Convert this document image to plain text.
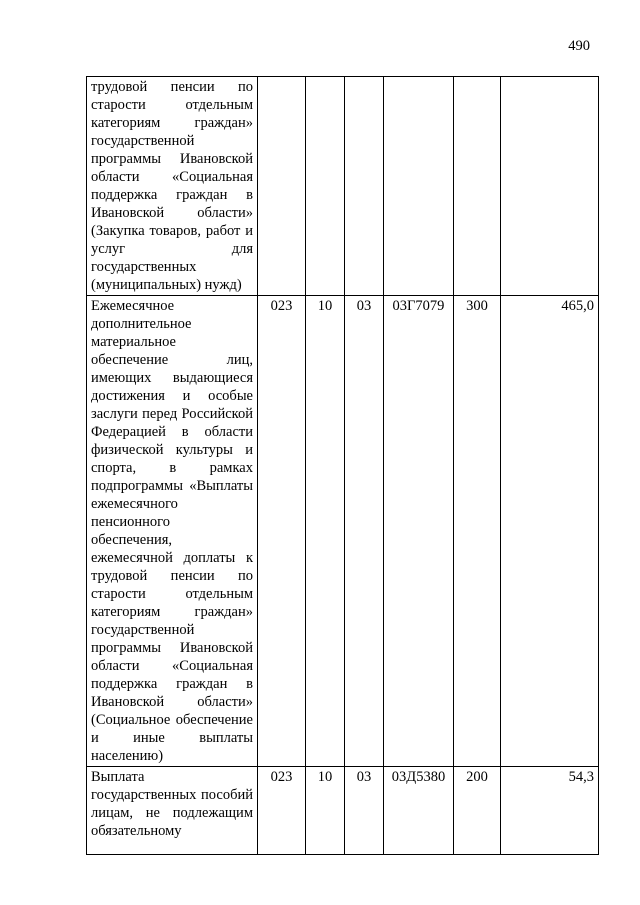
490
трудовой пенсии по старости отдельным категориям граждан» государственной программы Ивановской области «Социальная поддержка граждан в Ивановской области» (Закупка товаров, работ и услуг для государственных (муниципальных) нужд)						
Ежемесячное дополнительное материальное обеспечение лиц, имеющих выдающиеся достижения и особые заслуги перед Российской Федерацией в области физической культуры и спорта, в рамках подпрограммы «Выплаты ежемесячного пенсионного обеспечения, ежемесячной доплаты к трудовой пенсии по старости отдельным категориям граждан» государственной программы Ивановской области «Социальная поддержка граждан в Ивановской области» (Социальное обеспечение и иные выплаты населению)	023	10	03	03Г7079	300	465,0
Выплата государственных пособий лицам, не подлежащим обязательному	023	10	03	03Д5380	200	54,3
